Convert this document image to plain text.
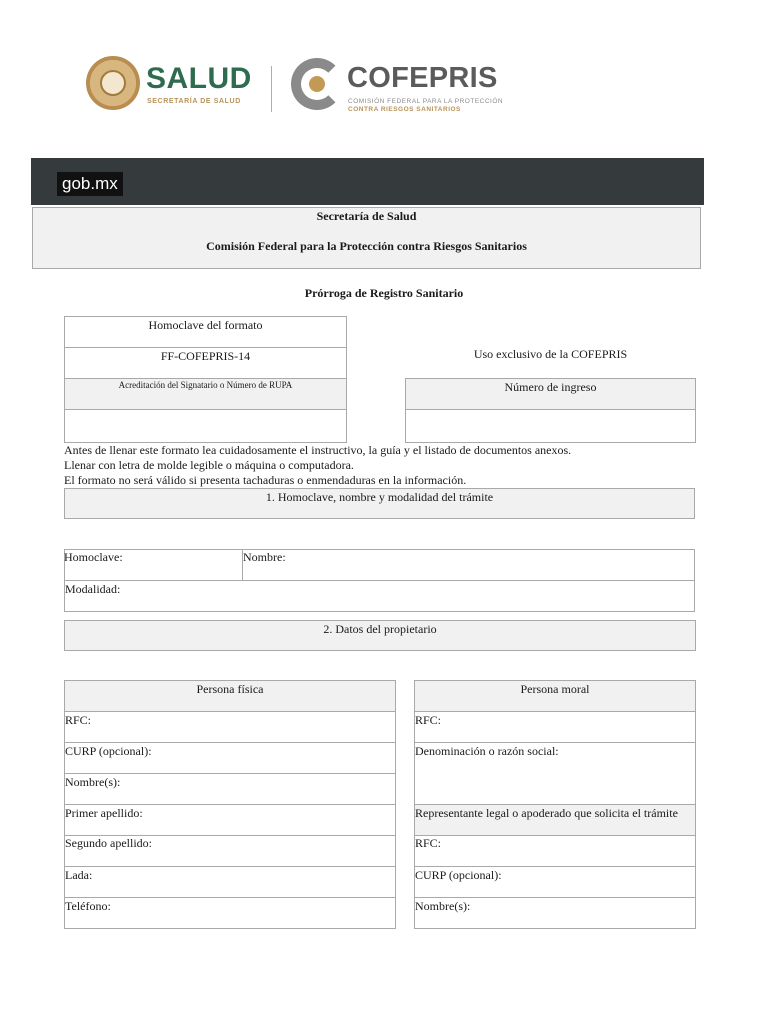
SALUD
SECRETARÍA DE SALUD
COFEPRIS
COMISIÓN FEDERAL PARA LA PROTECCIÓN
CONTRA RIESGOS SANITARIOS
gob.mx
Secretaría de Salud
Comisión Federal para la Protección contra Riesgos Sanitarios
Prórroga de Registro Sanitario
Homoclave del formato
FF-COFEPRIS-14
Acreditación del Signatario o Número de RUPA
Uso exclusivo de la COFEPRIS
Número de ingreso
Antes de llenar este formato lea cuidadosamente el instructivo, la guía y el listado de documentos anexos.
Llenar con letra de molde legible o máquina o computadora.
El formato no será válido si presenta tachaduras o enmendaduras en la información.
1. Homoclave, nombre y modalidad del trámite
Homoclave:	Nombre:
Modalidad:
2. Datos del propietario
Persona física
RFC:
CURP (opcional):
Nombre(s):
Primer apellido:
Segundo apellido:
Lada:
Teléfono:
Persona moral
RFC:
Denominación o razón social:
Representante legal o apoderado que solicita el trámite
RFC:
CURP (opcional):
Nombre(s):
